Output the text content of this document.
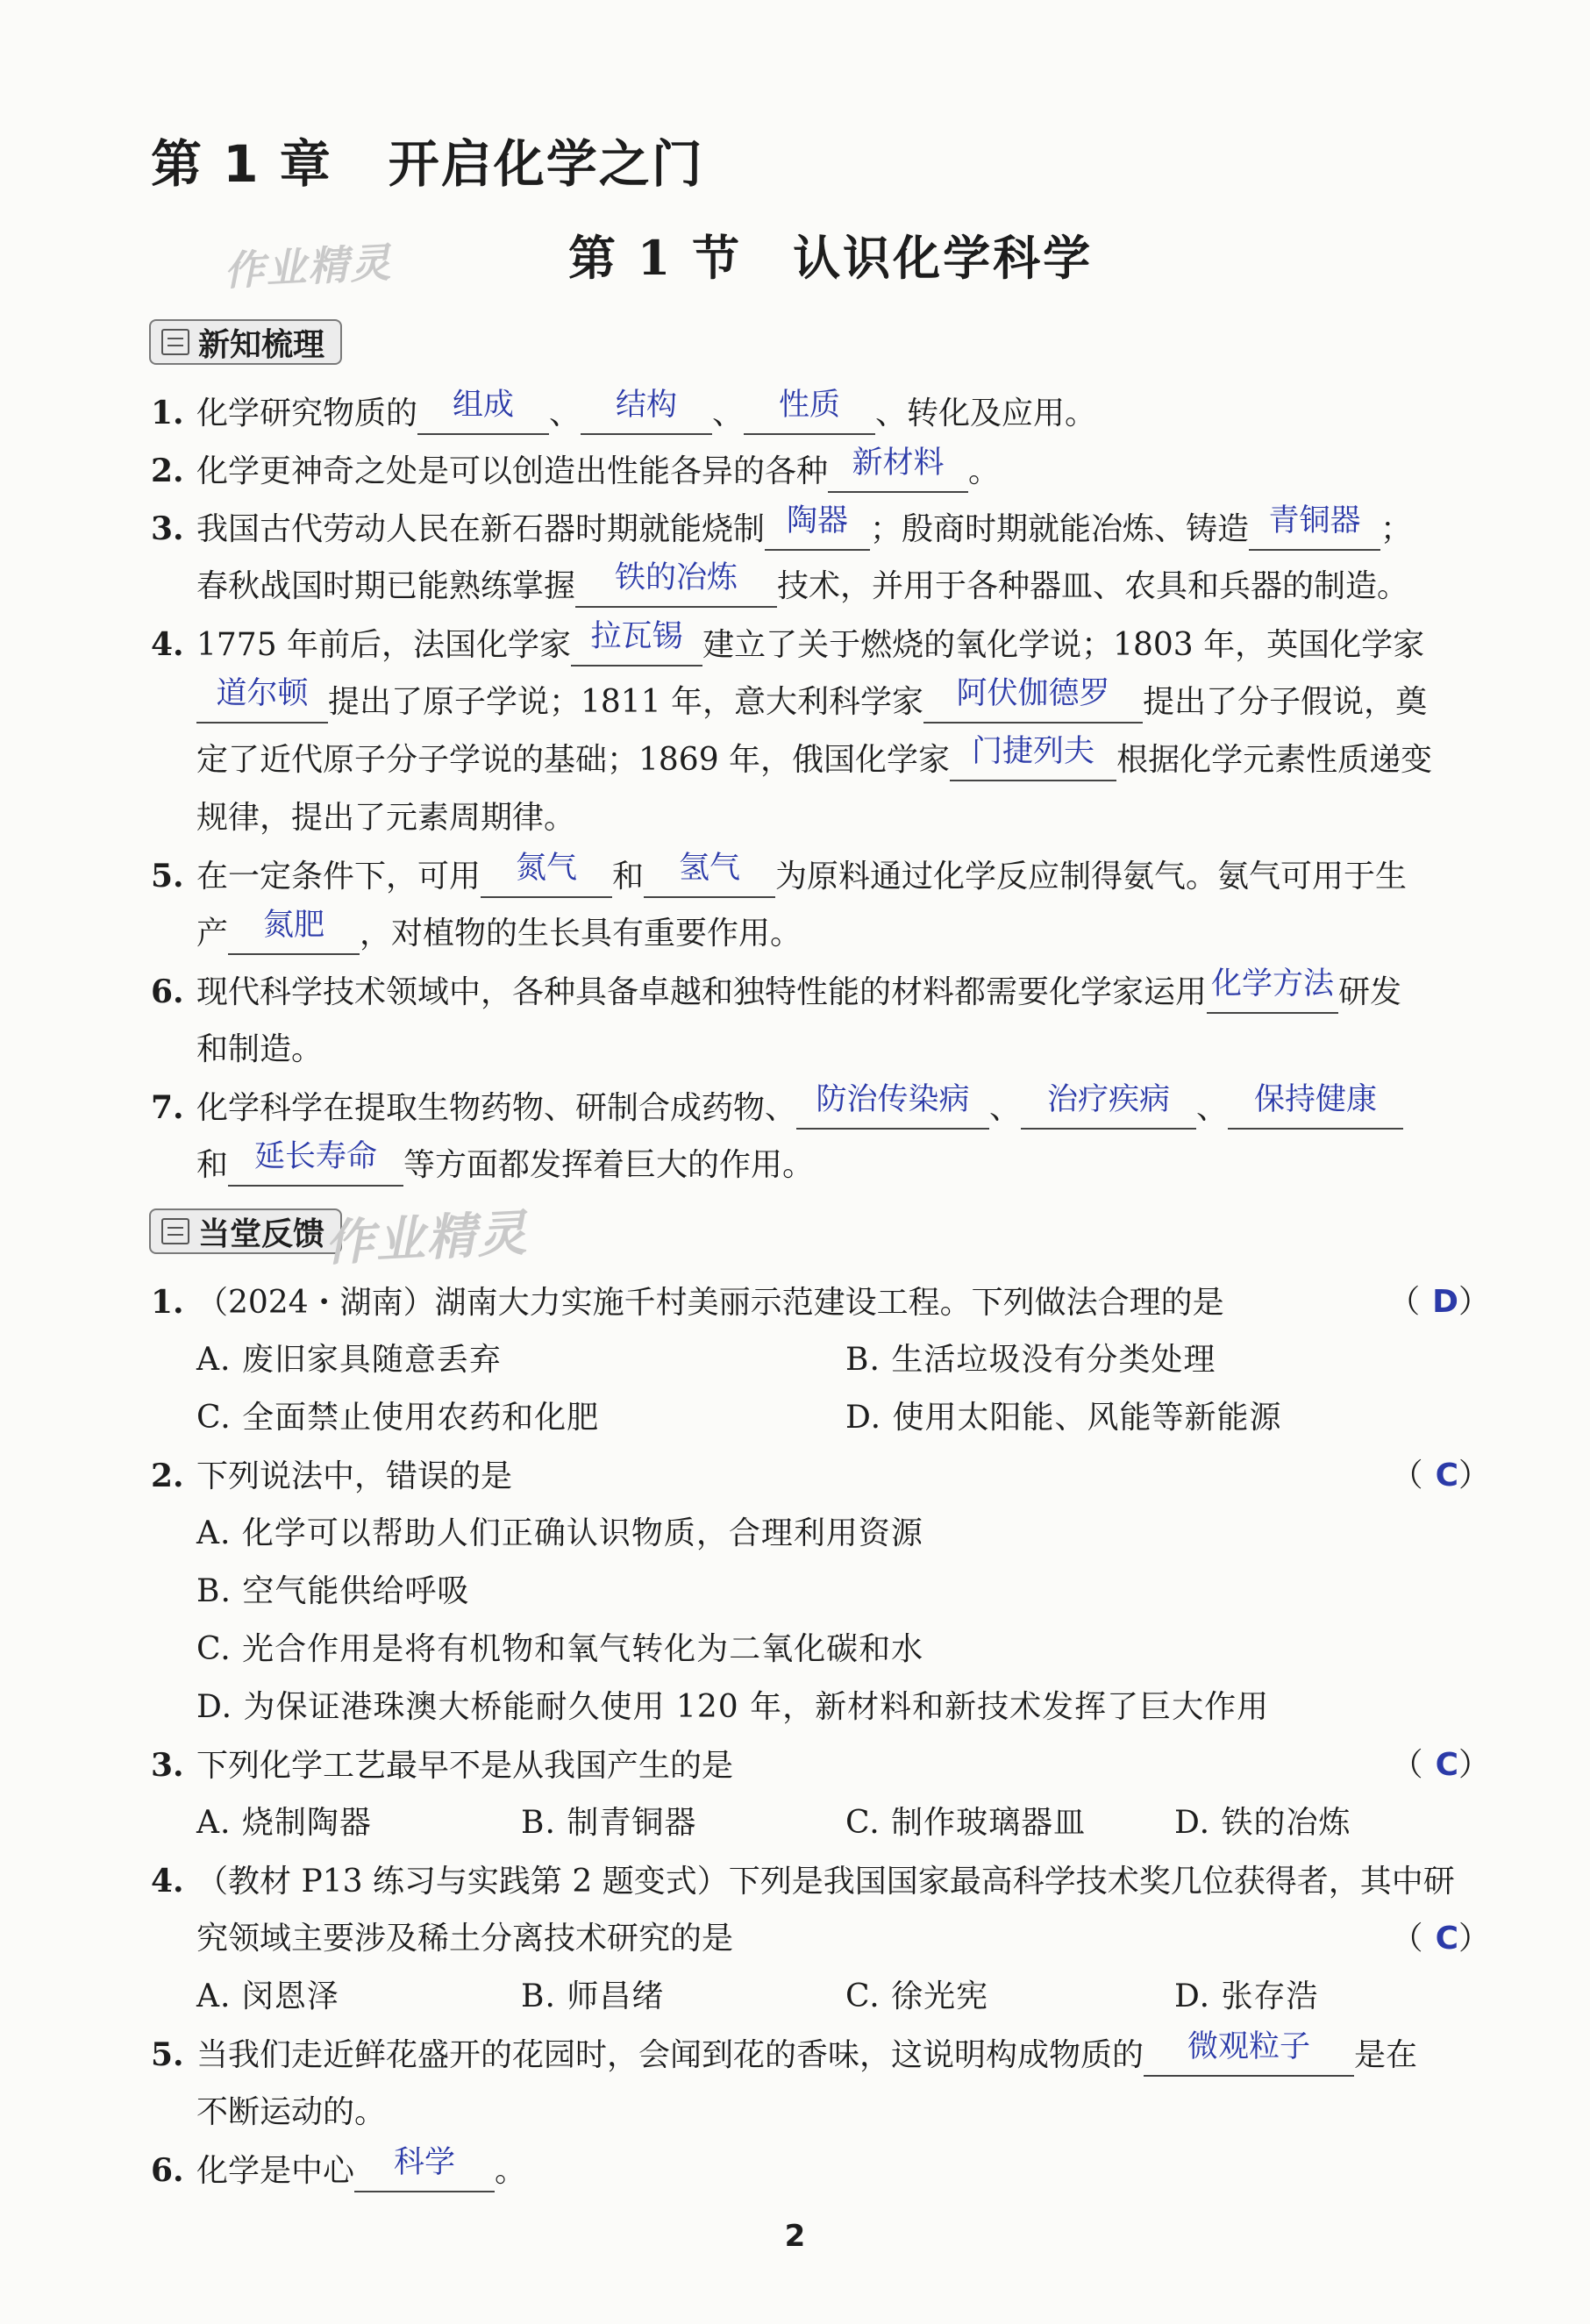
第 1 章 开启化学之门
作业精灵	第 1 节 认识化学科学
新知梳理
1. 化学研究物质的 组成 、 结构 、 性质 、转化及应用。
2. 化学更神奇之处是可以创造出性能各异的各种 新材料 。
3. 我国古代劳动人民在新石器时期就能烧制 陶器 ；殷商时期就能冶炼、铸造 青铜器 ；
春秋战国时期已能熟练掌握 铁的冶炼 技术，并用于各种器皿、农具和兵器的制造。
4. 1775 年前后，法国化学家 拉瓦锡 建立了关于燃烧的氧化学说；1803 年，英国化学家
道尔顿 提出了原子学说；1811 年，意大利科学家 阿伏伽德罗 提出了分子假说，奠
定了近代原子分子学说的基础；1869 年，俄国化学家 门捷列夫 根据化学元素性质递变
规律，提出了元素周期律。
5. 在一定条件下，可用 氮气 和 氢气 为原料通过化学反应制得氨气。氨气可用于生
产 氮肥 ，对植物的生长具有重要作用。
6. 现代科学技术领域中，各种具备卓越和独特性能的材料都需要化学家运用 化学方法 研发
和制造。
7. 化学科学在提取生物药物、研制合成药物、 防治传染病 、 治疗疾病 、 保持健康
和 延长寿命 等方面都发挥着巨大的作用。
当堂反馈
作业精灵
1. （2024・湖南）湖南大力实施千村美丽示范建设工程。下列做法合理的是	（D）
A. 废旧家具随意丢弃	B. 生活垃圾没有分类处理
C. 全面禁止使用农药和化肥	D. 使用太阳能、风能等新能源
2. 下列说法中，错误的是	（C）
A. 化学可以帮助人们正确认识物质，合理利用资源
B. 空气能供给呼吸
C. 光合作用是将有机物和氧气转化为二氧化碳和水
D. 为保证港珠澳大桥能耐久使用 120 年，新材料和新技术发挥了巨大作用
3. 下列化学工艺最早不是从我国产生的是	（C）
A. 烧制陶器	B. 制青铜器	C. 制作玻璃器皿	D. 铁的冶炼
4. （教材 P13 练习与实践第 2 题变式）下列是我国国家最高科学技术奖几位获得者，其中研
究领域主要涉及稀土分离技术研究的是	（C）
A. 闵恩泽	B. 师昌绪	C. 徐光宪	D. 张存浩
5. 当我们走近鲜花盛开的花园时，会闻到花的香味，这说明构成物质的 微观粒子 是在
不断运动的。
6. 化学是中心 科学 。
2
